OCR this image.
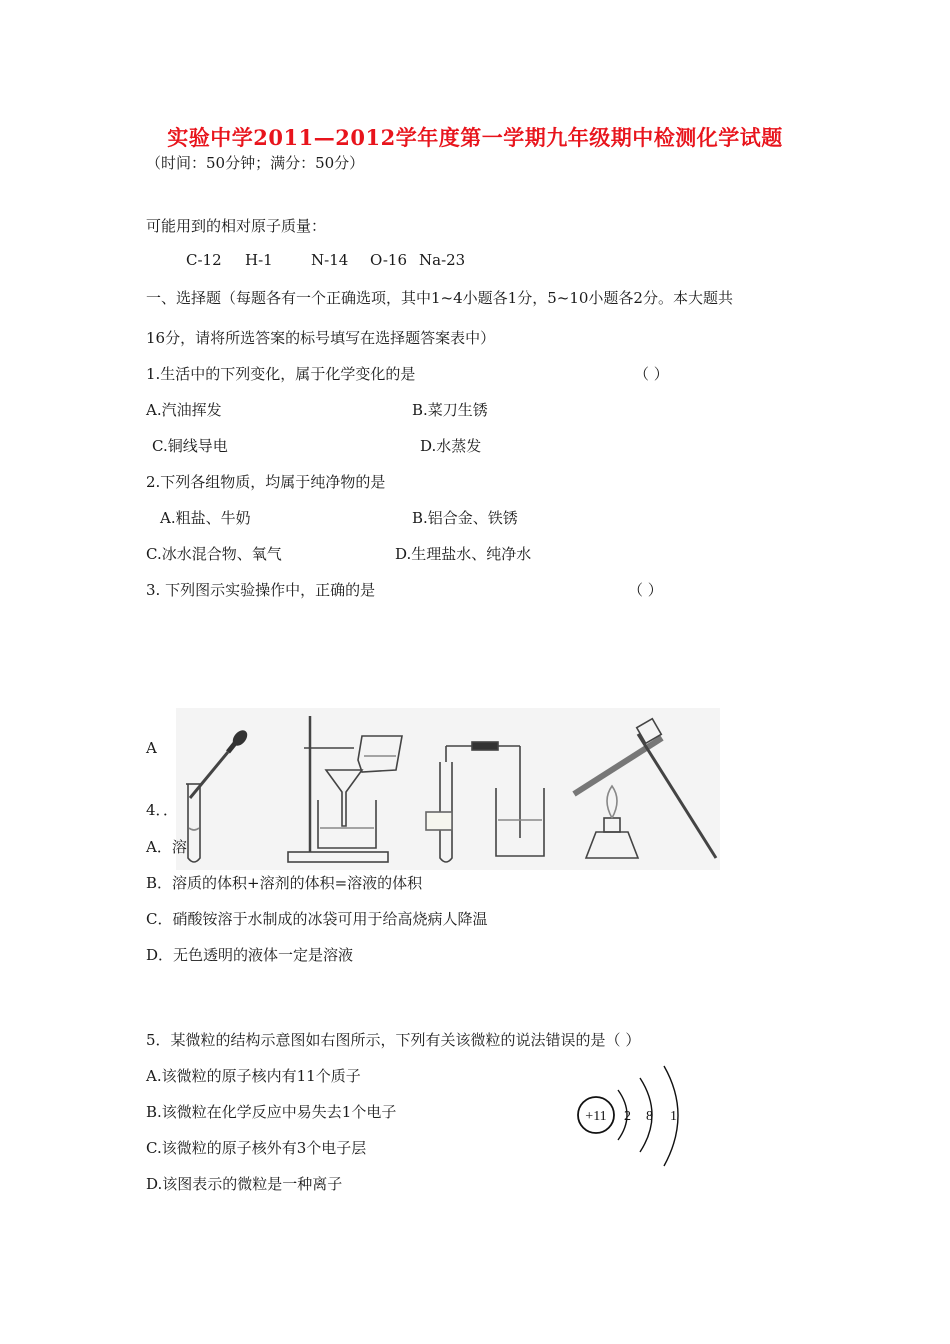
实验中学2011—2012学年度第一学期九年级期中检测化学试题
（时间：50分钟；满分：50分）
可能用到的相对原子质量：
C-12 H-1	N-14 O-16 Na-23
一、选择题（每题各有一个正确选项，其中1~4小题各1分，5~10小题各2分。本大题共
16分，请将所选答案的标号填写在选择题答案表中）
1.生活中的下列变化，属于化学变化的是	（ ）
A.汽油挥发	B.菜刀生锈
C.铜线导电	D.水蒸发
2.下列各组物质，均属于纯净物的是
A.粗盐、牛奶	B.铝合金、铁锈
C.冰水混合物、氧气	D.生理盐水、纯净水
3. 下列图示实验操作中，正确的是	（ ）
A
4．．
A．溶
B．溶质的体积+溶剂的体积=溶液的体积
C．硝酸铵溶于水制成的冰袋可用于给高烧病人降温
D．无色透明的液体一定是溶液
5．某微粒的结构示意图如右图所示，下列有关该微粒的说法错误的是（ ）
A.该微粒的原子核内有11个质子
B.该微粒在化学反应中易失去1个电子
C.该微粒的原子核外有3个电子层
D.该图表示的微粒是一种离子
+11 2 8 1
